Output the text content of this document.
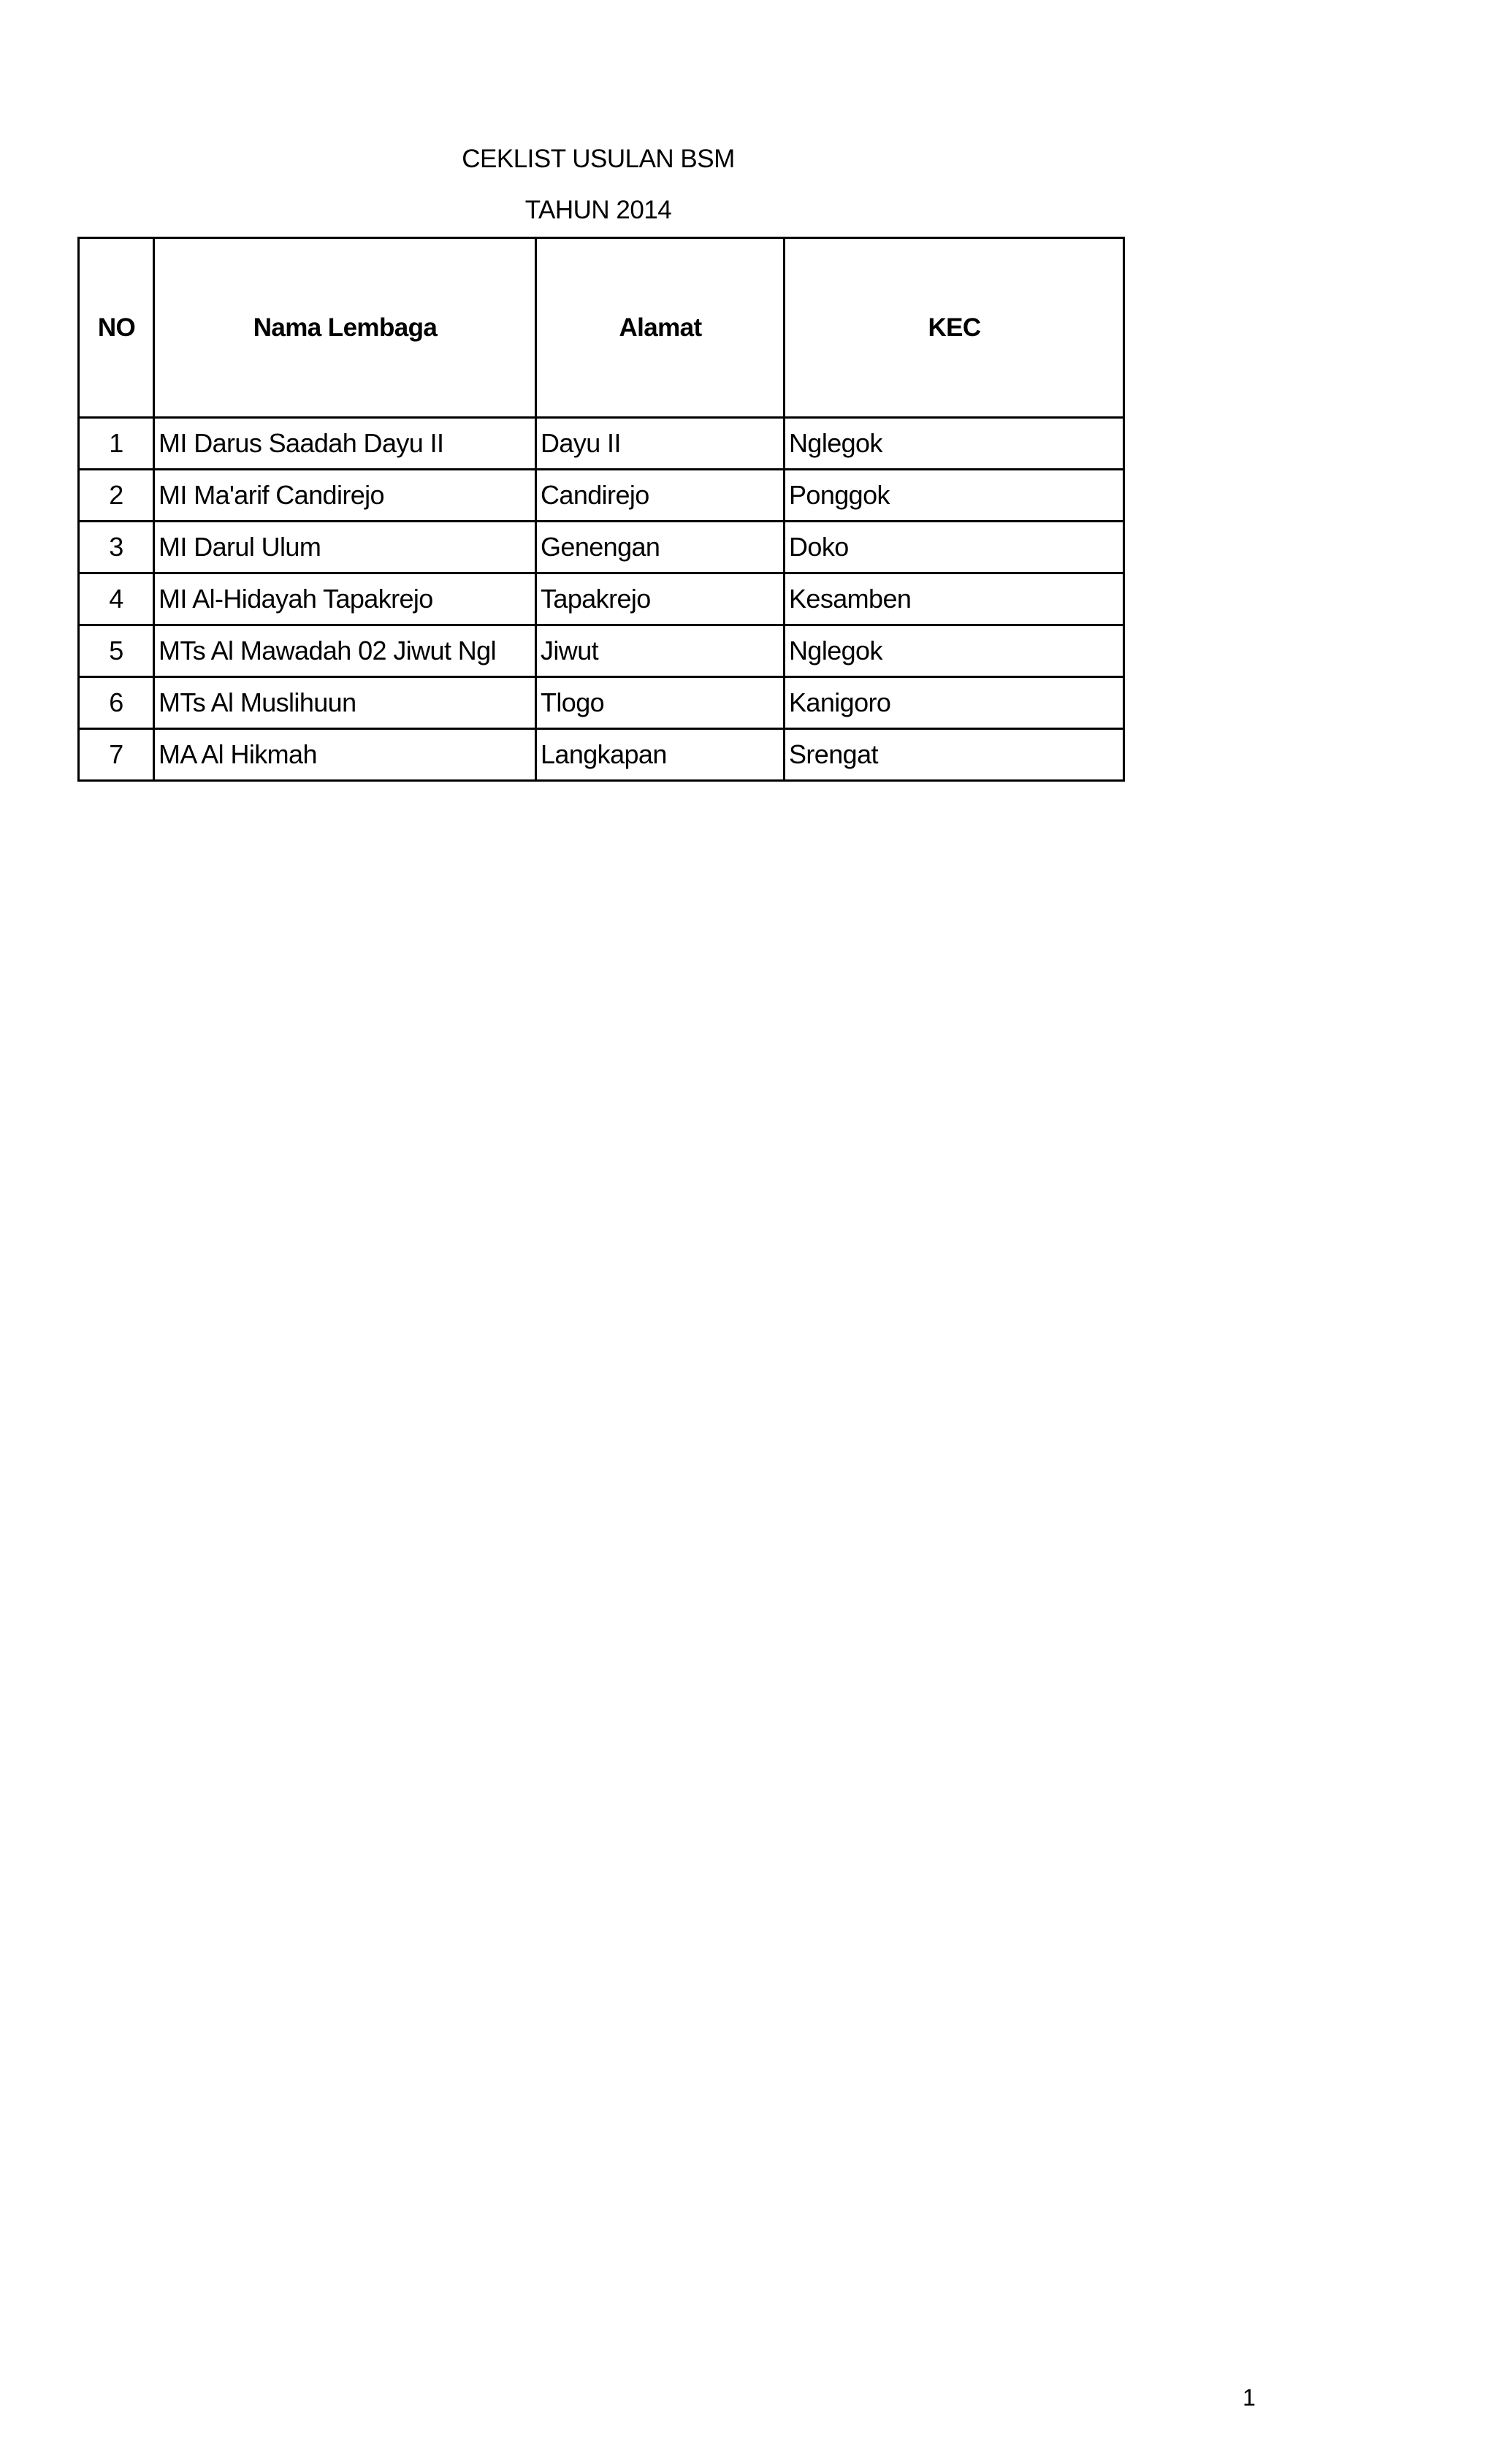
CEKLIST USULAN BSM
TAHUN 2014
NO	Nama Lembaga	Alamat	KEC
1	MI Darus Saadah Dayu II	Dayu II	Nglegok
2	MI Ma'arif Candirejo	Candirejo	Ponggok
3	MI Darul Ulum	Genengan	Doko
4	MI Al-Hidayah Tapakrejo	Tapakrejo	Kesamben
5	MTs Al Mawadah 02 Jiwut Ngl	Jiwut	Nglegok
6	MTs Al Muslihuun	Tlogo	Kanigoro
7	MA Al Hikmah	Langkapan	Srengat
1
